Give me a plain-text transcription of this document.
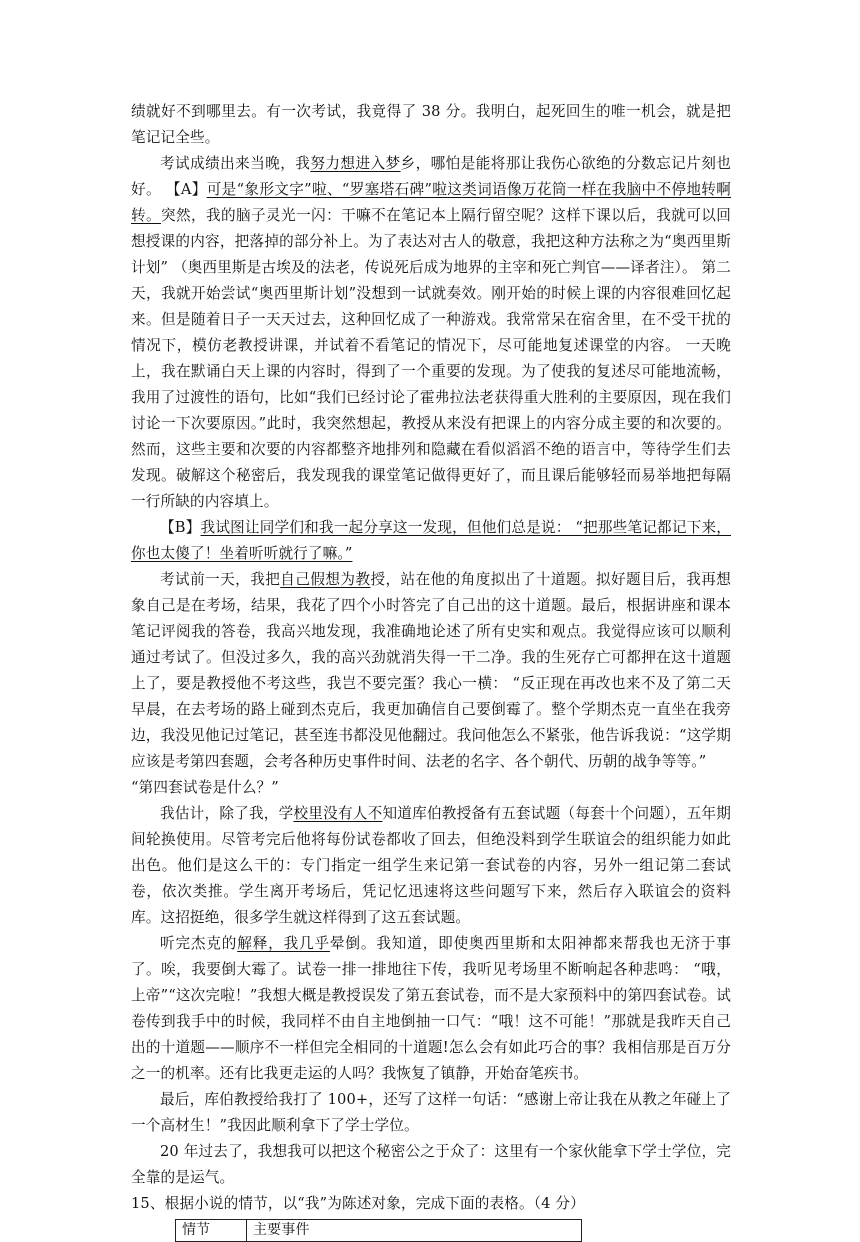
绩就好不到哪里去。有一次考试，我竟得了 38 分。我明白，起死回生的唯一机会，就是把笔记记全些。

考试成绩出来当晚，我努力想进入梦乡，哪怕是能将那让我伤心欲绝的分数忘记片刻也好。 【A】可是“象形文字”啦、“罗塞塔石碑”啦这类词语像万花筒一样在我脑中不停地转啊转。突然，我的脑子灵光一闪：干嘛不在笔记本上隔行留空呢？这样下课以后，我就可以回想授课的内容，把落掉的部分补上。为了表达对古人的敬意，我把这种方法称之为“奥西里斯计划” （奥西里斯是古埃及的法老，传说死后成为地界的主宰和死亡判官——译者注）。 第二天，我就开始尝试“奥西里斯计划”没想到一试就奏效。刚开始的时候上课的内容很难回忆起来。但是随着日子一天天过去，这种回忆成了一种游戏。我常常呆在宿舍里，在不受干扰的情况下，模仿老教授讲课，并试着不看笔记的情况下，尽可能地复述课堂的内容。 一天晚上，我在默诵白天上课的内容时，得到了一个重要的发现。为了使我的复述尽可能地流畅，我用了过渡性的语句，比如“我们已经讨论了霍弗拉法老获得重大胜利的主要原因，现在我们讨论一下次要原因。”此时，我突然想起，教授从来没有把课上的内容分成主要的和次要的。然而，这些主要和次要的内容都整齐地排列和隐藏在看似滔滔不绝的语言中，等待学生们去发现。破解这个秘密后，我发现我的课堂笔记做得更好了，而且课后能够轻而易举地把每隔一行所缺的内容填上。

【B】我试图让同学们和我一起分享这一发现，但他们总是说： “把那些笔记都记下来，你也太傻了！坐着听听就行了嘛。”

考试前一天，我把自己假想为教授，站在他的角度拟出了十道题。拟好题目后，我再想象自己是在考场，结果，我花了四个小时答完了自己出的这十道题。最后，根据讲座和课本笔记评阅我的答卷，我高兴地发现，我准确地论述了所有史实和观点。我觉得应该可以顺利通过考试了。但没过多久，我的高兴劲就消失得一干二净。我的生死存亡可都押在这十道题上了，要是教授他不考这些，我岂不要完蛋？我心一横： “反正现在再改也来不及了第二天早晨，在去考场的路上碰到杰克后，我更加确信自己要倒霉了。整个学期杰克一直坐在我旁边，我没见他记过笔记，甚至连书都没见他翻过。我问他怎么不紧张，他告诉我说：“这学期应该是考第四套题，会考各种历史事件时间、法老的名字、各个朝代、历朝的战争等等。”

“第四套试卷是什么？”

我估计，除了我，学校里没有人不知道库伯教授备有五套试题（每套十个问题），五年期间轮换使用。尽管考完后他将每份试卷都收了回去，但绝没料到学生联谊会的组织能力如此出色。他们是这么干的：专门指定一组学生来记第一套试卷的内容，另外一组记第二套试卷，依次类推。学生离开考场后，凭记忆迅速将这些问题写下来，然后存入联谊会的资料库。这招挺绝，很多学生就这样得到了这五套试题。

听完杰克的解释，我几乎晕倒。我知道，即使奥西里斯和太阳神都来帮我也无济于事了。唉，我要倒大霉了。试卷一排一排地往下传，我听见考场里不断响起各种悲鸣： “哦，上帝”“这次完啦！”我想大概是教授误发了第五套试卷，而不是大家预料中的第四套试卷。试卷传到我手中的时候，我同样不由自主地倒抽一口气：“哦！这不可能！”那就是我昨天自己出的十道题——顺序不一样但完全相同的十道题!怎么会有如此巧合的事？我相信那是百万分之一的机率。还有比我更走运的人吗？我恢复了镇静，开始奋笔疾书。

最后，库伯教授给我打了 100+，还写了这样一句话：“感谢上帝让我在从教之年碰上了一个高材生！”我因此顺利拿下了学士学位。

20 年过去了，我想我可以把这个秘密公之于众了：这里有一个家伙能拿下学士学位，完全靠的是运气。

15、根据小说的情节，以“我”为陈述对象，完成下面的表格。（4 分）

情节	主要事件
